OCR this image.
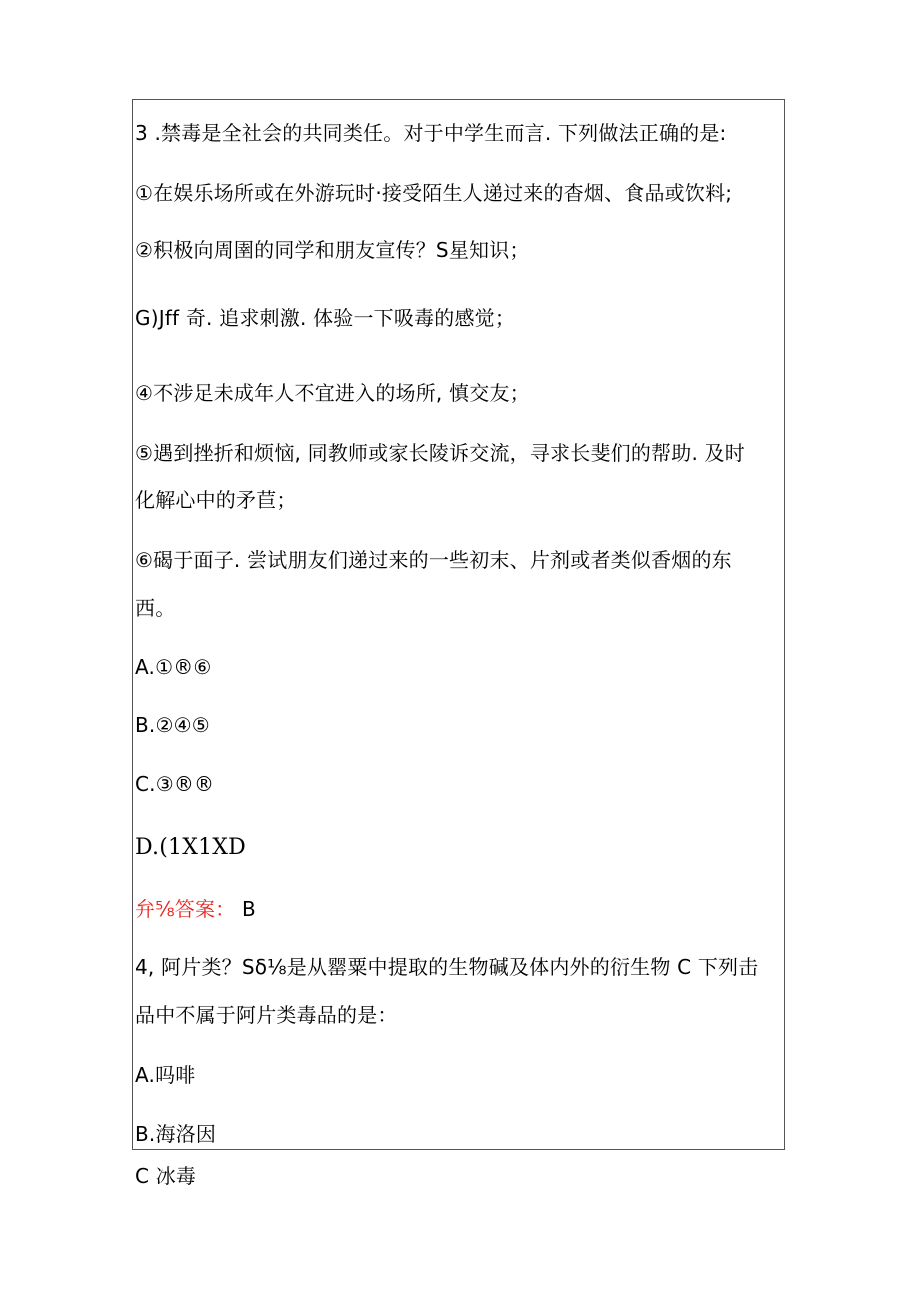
3 .禁毒是全社会的共同类任。对于中学生而言. 下列做法正确的是:
①在娱乐场所或在外游玩时·接受陌生人递过来的杳烟、食品或饮料;
②积极向周圉的同学和朋友宣传？S星知识；
G)Jff 奇. 追求刺激. 体验一下吸毒的感觉；
④不涉足未成年人不宜进入的场所, 慎交友；
⑤遇到挫折和烦恼, 同教师或家长陵诉交流，寻求长斐们的帮助. 及时
化解心中的矛苣；
⑥碣于面子. 尝试朋友们递过来的一些初末、片剂或者类似香烟的东
西。
A.①®⑥
B.②④⑤
C.③®®
D.(1X1XD
弁⅝答案： B
4, 阿片类？Sδ⅛是从罂粟中提取的生物碱及体内外的衍生物 C 下列击
品中不属于阿片类毒品的是：
A.吗啡
B.海洛因
C 冰毒
